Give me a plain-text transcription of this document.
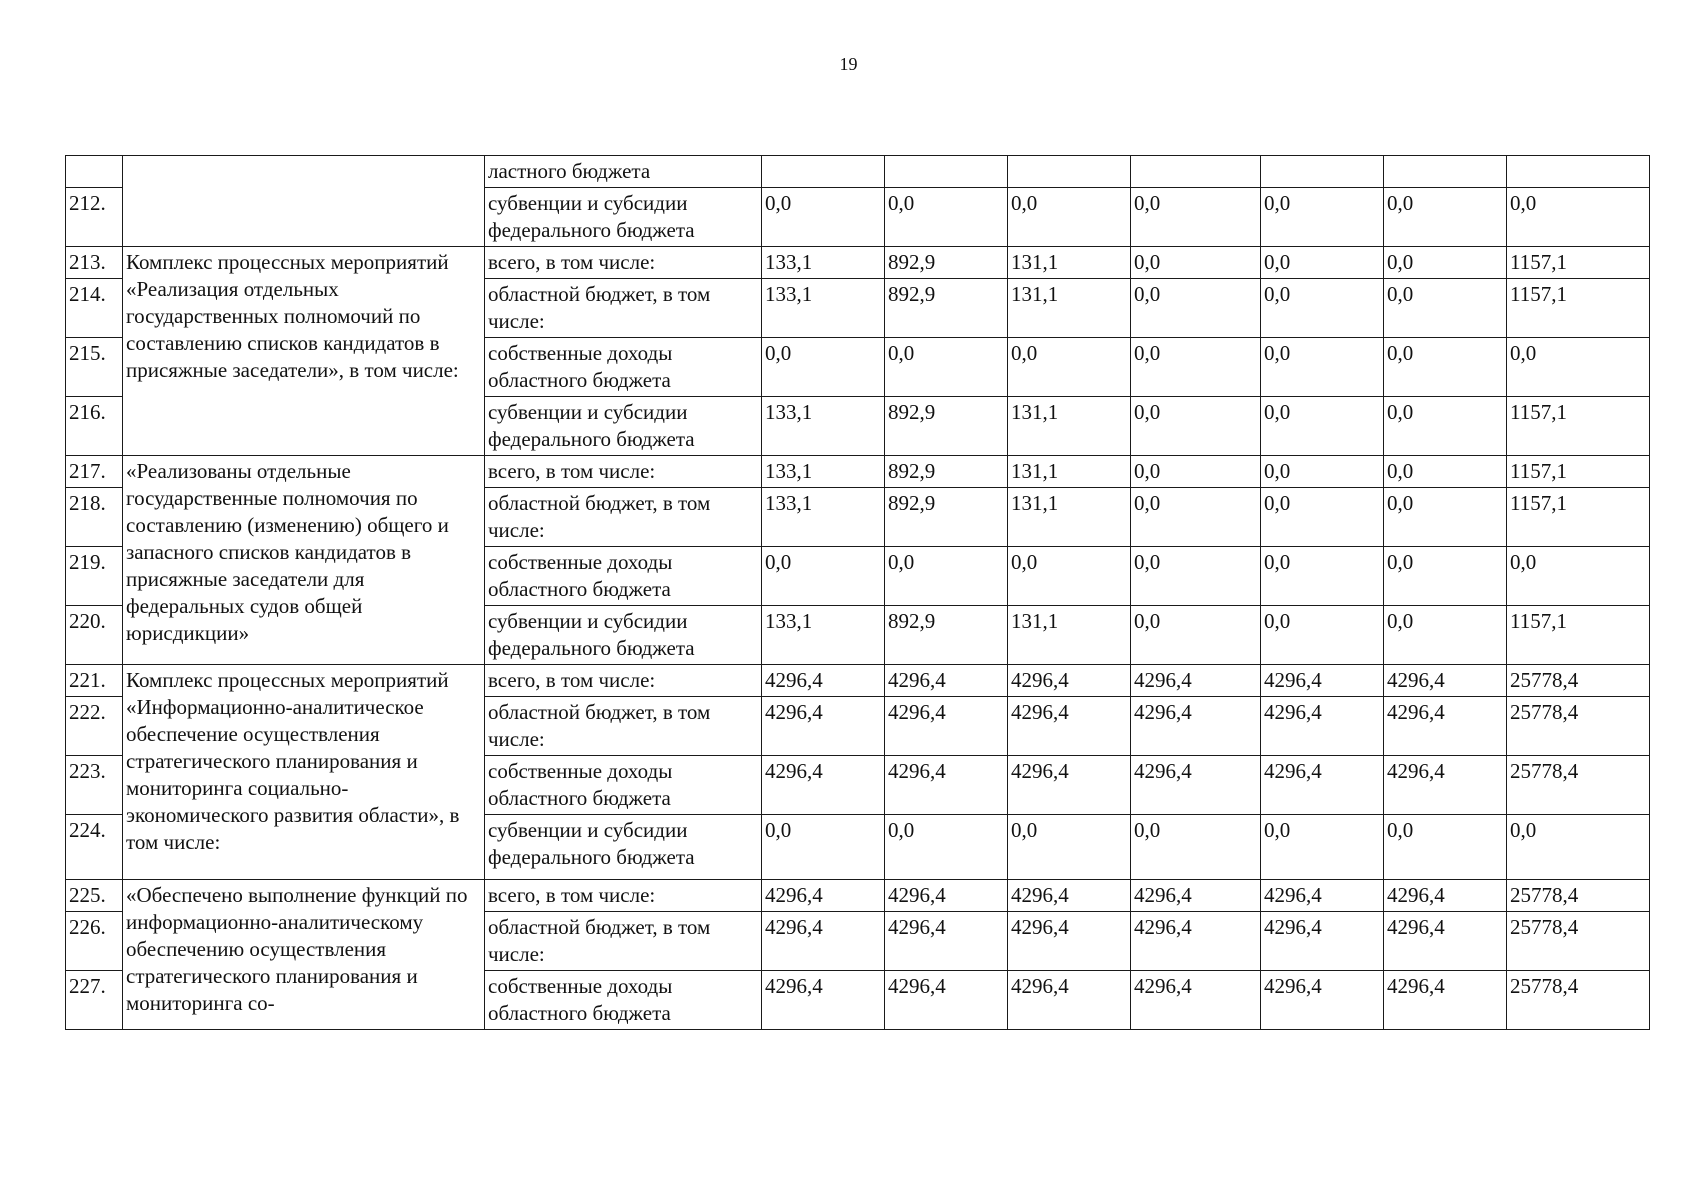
19
		ластного бюджета							
212.		субвенции и субсидии федерального бюджета	0,0	0,0	0,0	0,0	0,0	0,0	0,0
213.	Комплекс процессных мероприятий «Реализация отдельных государственных полномочий по составлению списков кандидатов в присяжные заседатели», в том числе:	всего, в том числе:	133,1	892,9	131,1	0,0	0,0	0,0	1157,1
214.		областной бюджет, в том числе:	133,1	892,9	131,1	0,0	0,0	0,0	1157,1
215.		собственные доходы областного бюджета	0,0	0,0	0,0	0,0	0,0	0,0	0,0
216.		субвенции и субсидии федерального бюджета	133,1	892,9	131,1	0,0	0,0	0,0	1157,1
217.	«Реализованы отдельные государственные полномочия по составлению (изменению) общего и запасного списков кандидатов в присяжные заседатели для федеральных судов общей юрисдикции»	всего, в том числе:	133,1	892,9	131,1	0,0	0,0	0,0	1157,1
218.		областной бюджет, в том числе:	133,1	892,9	131,1	0,0	0,0	0,0	1157,1
219.		собственные доходы областного бюджета	0,0	0,0	0,0	0,0	0,0	0,0	0,0
220.		субвенции и субсидии федерального бюджета	133,1	892,9	131,1	0,0	0,0	0,0	1157,1
221.	Комплекс процессных мероприятий «Информационно-аналитическое обеспечение осуществления стратегического планирования и мониторинга социально-экономического развития области», в том числе:	всего, в том числе:	4296,4	4296,4	4296,4	4296,4	4296,4	4296,4	25778,4
222.		областной бюджет, в том числе:	4296,4	4296,4	4296,4	4296,4	4296,4	4296,4	25778,4
223.		собственные доходы областного бюджета	4296,4	4296,4	4296,4	4296,4	4296,4	4296,4	25778,4
224.		субвенции и субсидии федерального бюджета	0,0	0,0	0,0	0,0	0,0	0,0	0,0
225.	«Обеспечено выполнение функций по информационно-аналитическому обеспечению осуществления стратегического планирования и мониторинга со-	всего, в том числе:	4296,4	4296,4	4296,4	4296,4	4296,4	4296,4	25778,4
226.		областной бюджет, в том числе:	4296,4	4296,4	4296,4	4296,4	4296,4	4296,4	25778,4
227.		собственные доходы областного бюджета	4296,4	4296,4	4296,4	4296,4	4296,4	4296,4	25778,4
